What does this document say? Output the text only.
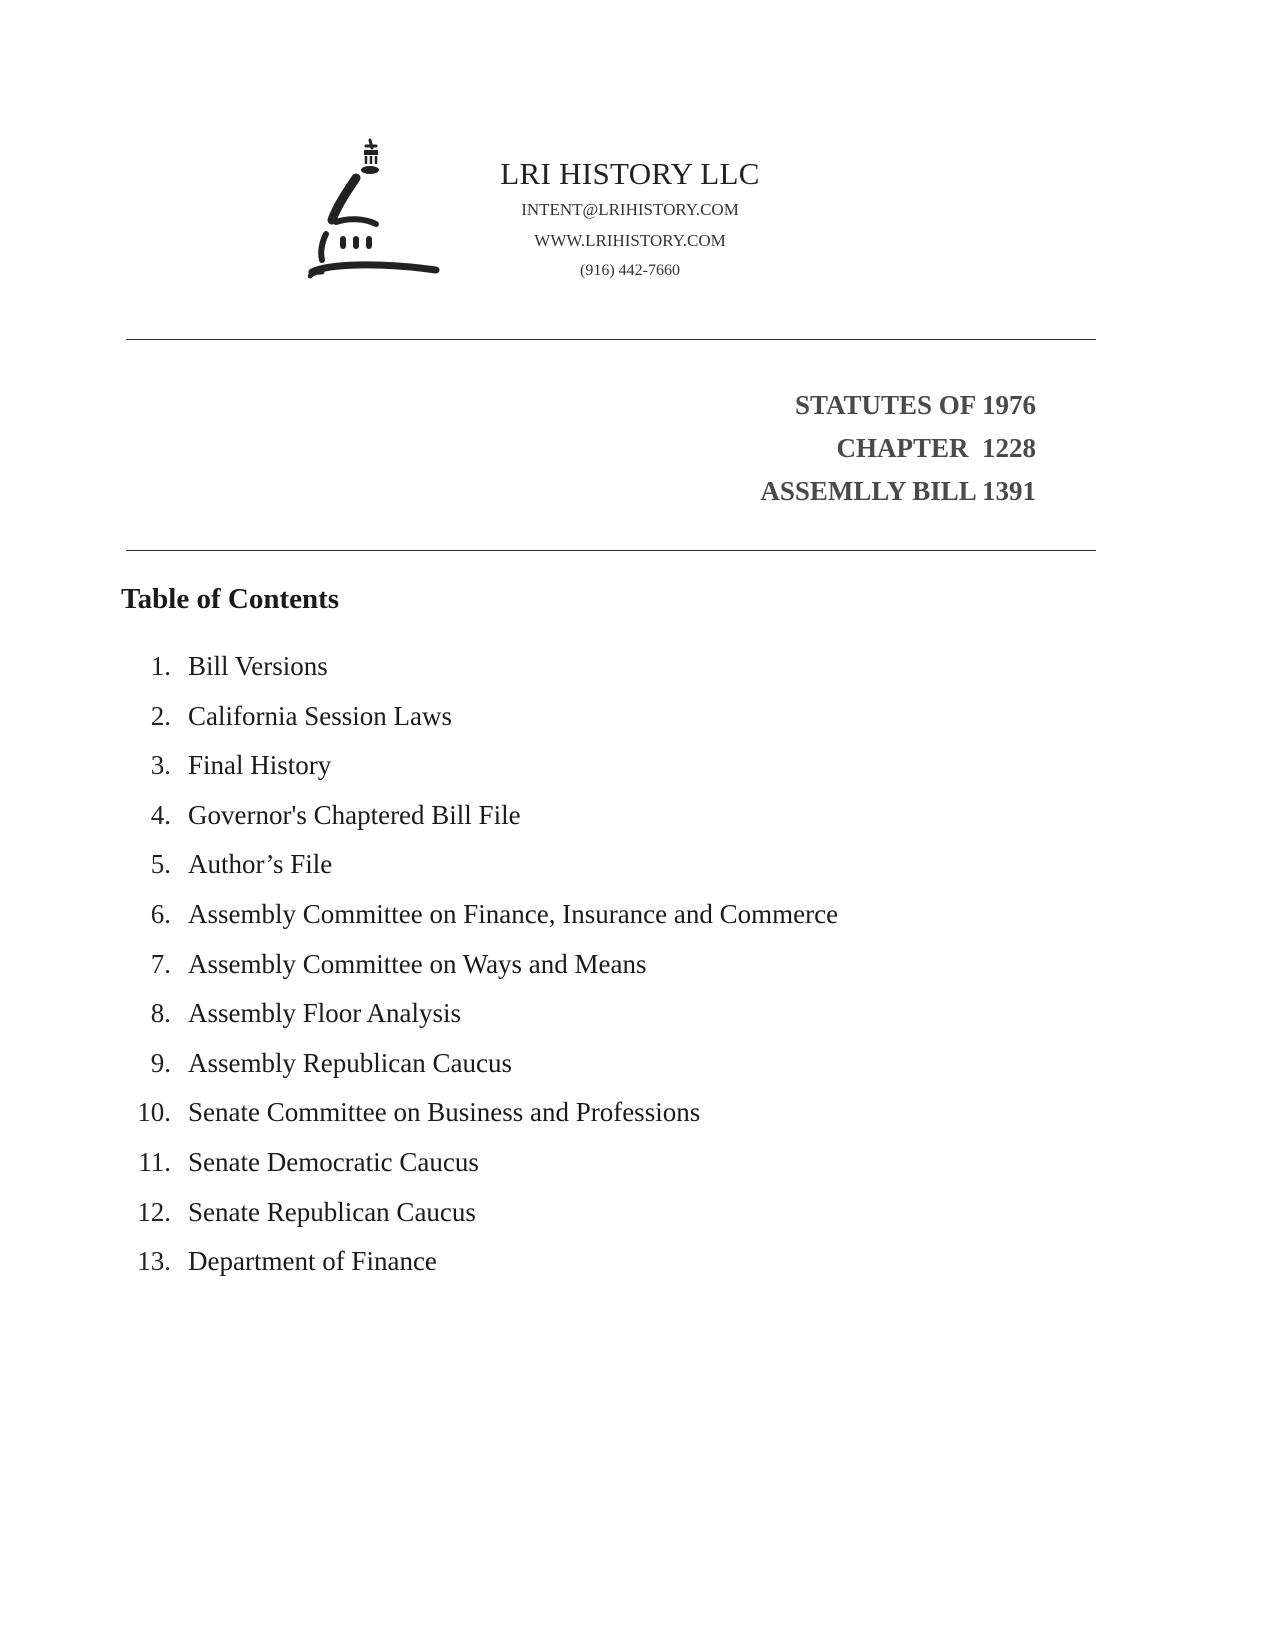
LRI HISTORY LLC
INTENT@LRIHISTORY.COM
WWW.LRIHISTORY.COM
(916) 442-7660
STATUTES OF 1976
CHAPTER  1228
ASSEMLLY BILL 1391
Table of Contents
1. Bill Versions
2. California Session Laws
3. Final History
4. Governor's Chaptered Bill File
5. Author’s File
6. Assembly Committee on Finance, Insurance and Commerce
7. Assembly Committee on Ways and Means
8. Assembly Floor Analysis
9. Assembly Republican Caucus
10. Senate Committee on Business and Professions
11. Senate Democratic Caucus
12. Senate Republican Caucus
13. Department of Finance
